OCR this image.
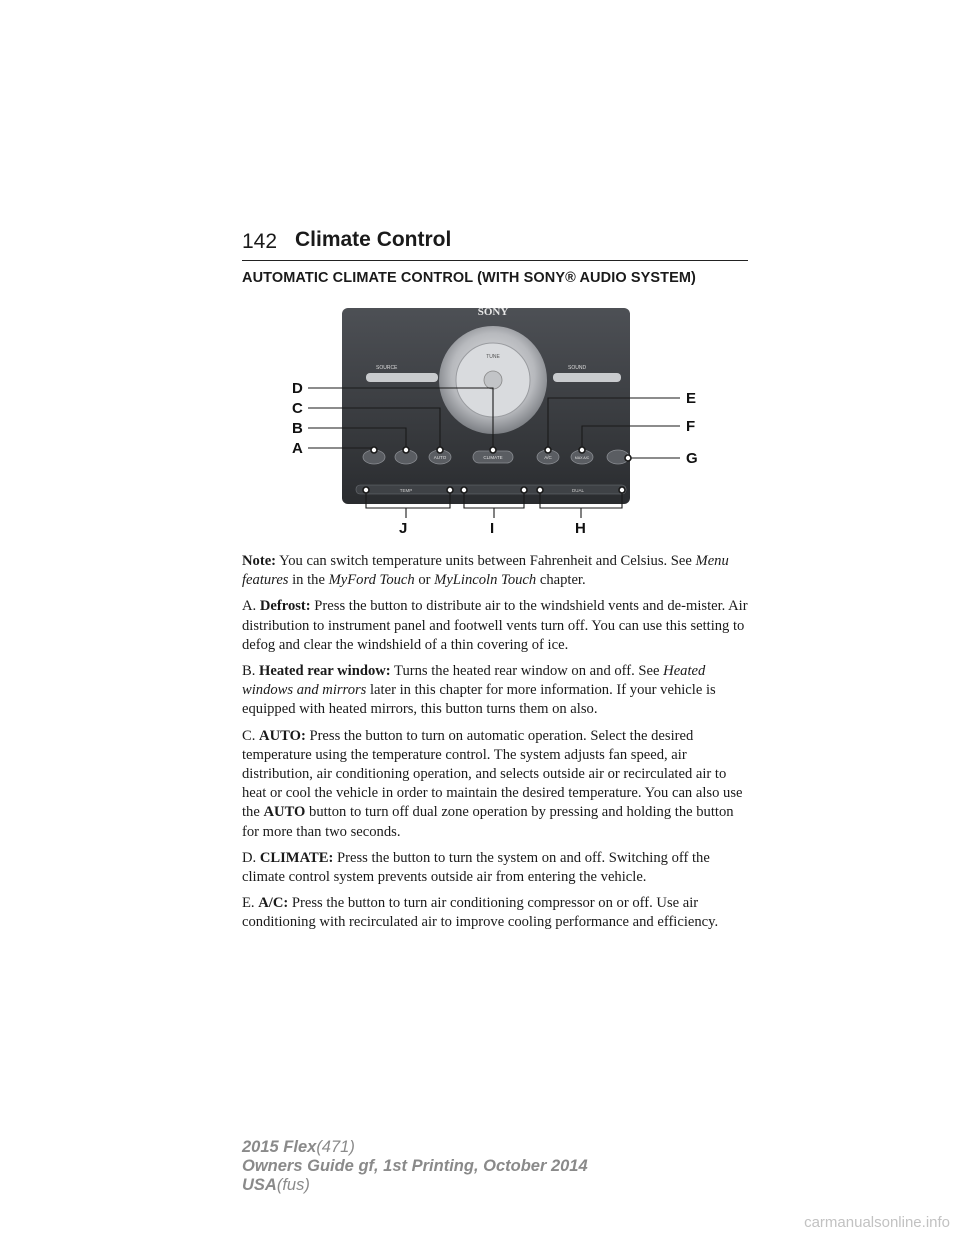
142 Climate Control
AUTOMATIC CLIMATE CONTROL (WITH SONY® AUDIO SYSTEM)
SONY
SOURCE	SOUND
TUNE
AUTO	CLIMATE	A/C	MAX A/C
TEMP	DUAL
D
C
B
A
E
F
G
J	I	H

Note: You can switch temperature units between Fahrenheit and Celsius. See Menu features in the MyFord Touch or MyLincoln Touch chapter.

A. Defrost: Press the button to distribute air to the windshield vents and de-mister. Air distribution to instrument panel and footwell vents turn off. You can use this setting to defog and clear the windshield of a thin covering of ice.

B. Heated rear window: Turns the heated rear window on and off. See Heated windows and mirrors later in this chapter for more information. If your vehicle is equipped with heated mirrors, this button turns them on also.

C. AUTO: Press the button to turn on automatic operation. Select the desired temperature using the temperature control. The system adjusts fan speed, air distribution, air conditioning operation, and selects outside air or recirculated air to heat or cool the vehicle in order to maintain the desired temperature. You can also use the AUTO button to turn off dual zone operation by pressing and holding the button for more than two seconds.

D. CLIMATE: Press the button to turn the system on and off. Switching off the climate control system prevents outside air from entering the vehicle.

E. A/C: Press the button to turn air conditioning compressor on or off. Use air conditioning with recirculated air to improve cooling performance and efficiency.

2015 Flex(471)
Owners Guide gf, 1st Printing, October 2014
USA(fus)
carmanualsonline.info
